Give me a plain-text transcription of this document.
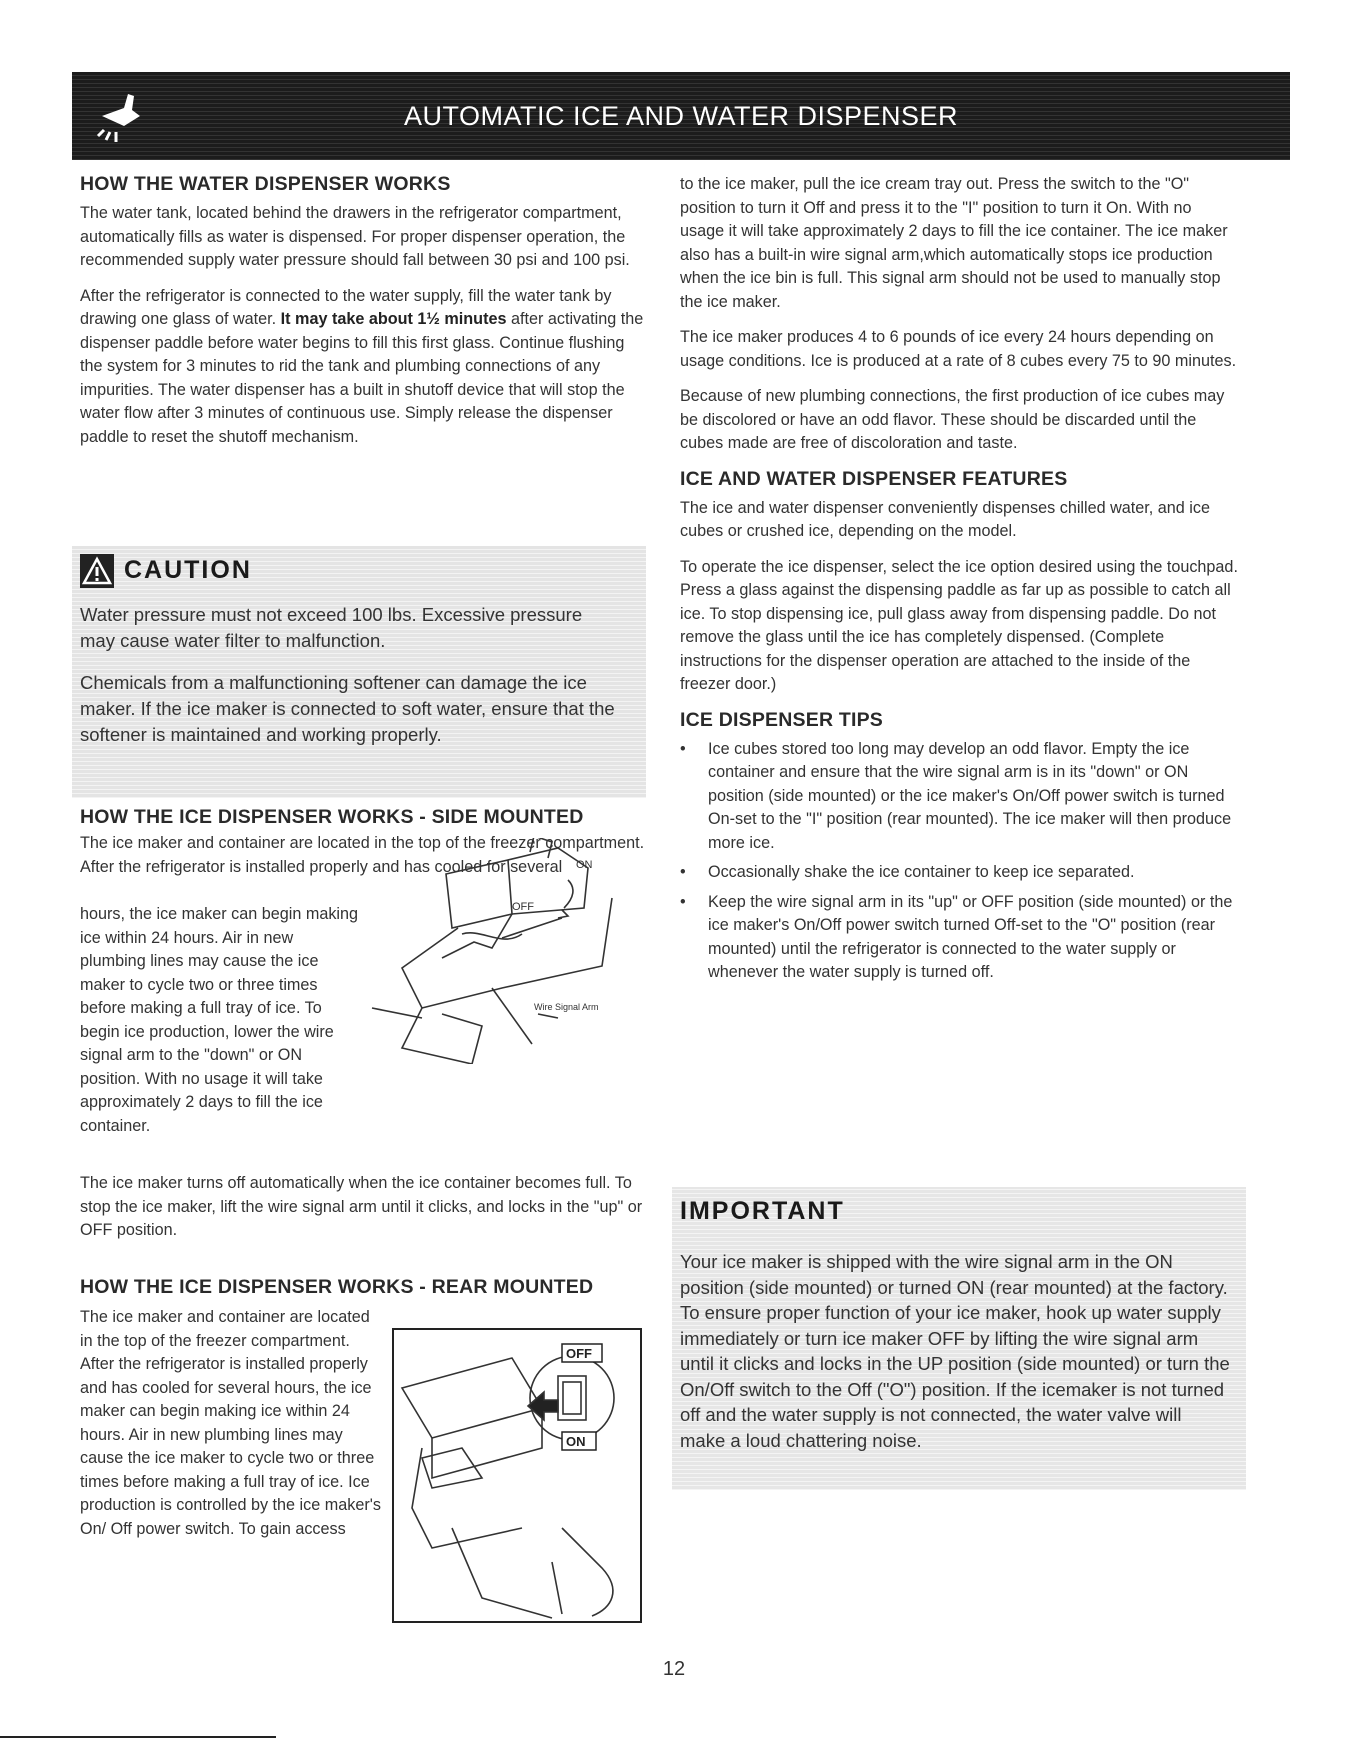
AUTOMATIC ICE AND WATER DISPENSER
HOW THE WATER DISPENSER WORKS

The water tank, located behind the drawers in the refrigerator compartment, automatically fills as water is dispensed. For proper dispenser operation, the recommended supply water pressure should fall between 30 psi and 100 psi.

After the refrigerator is connected to the water supply, fill the water tank by drawing one glass of water. It may take about 1½ minutes after activating the dispenser paddle before water begins to fill this first glass. Continue flushing the system for 3 minutes to rid the tank and plumbing connections of any impurities. The water dispenser has a built in shutoff device that will stop the water flow after 3 minutes of continuous use. Simply release the dispenser paddle to reset the shutoff mechanism.

CAUTION

Water pressure must not exceed 100 lbs. Excessive pressure may cause water filter to malfunction.

Chemicals from a malfunctioning softener can damage the ice maker. If the ice maker is connected to soft water, ensure that the softener is maintained and working properly.

HOW THE ICE DISPENSER WORKS - SIDE MOUNTED
The ice maker and container are located in the top of the freezer compartment. After the refrigerator is installed properly and has cooled for several
hours, the ice maker can begin making ice within 24 hours. Air in new plumbing lines may cause the ice maker to cycle two or three times before making a full tray of ice. To begin ice production, lower the wire signal arm to the "down" or ON position. With no usage it will take approximately 2 days to fill the ice container.
The ice maker turns off automatically when the ice container becomes full. To stop the ice maker, lift the wire signal arm until it clicks, and locks in the "up" or OFF position.
ON
OFF
Wire Signal Arm
HOW THE ICE DISPENSER WORKS - REAR MOUNTED
The ice maker and container are located in the top of the freezer compartment. After the refrigerator is installed properly and has cooled for several hours, the ice maker can begin making ice within 24 hours. Air in new plumbing lines may cause the ice maker to cycle two or three times before making a full tray of ice. Ice production is controlled by the ice maker's On/ Off power switch. To gain access
OFF
ON

to the ice maker, pull the ice cream tray out. Press the switch to the "O" position to turn it Off and press it to the "I" position to turn it On. With no usage it will take approximately 2 days to fill the ice container. The ice maker also has a built-in wire signal arm,which automatically stops ice production when the ice bin is full. This signal arm should not be used to manually stop the ice maker.

The ice maker produces 4 to 6 pounds of ice every 24 hours depending on usage conditions. Ice is produced at a rate of 8 cubes every 75 to 90 minutes.

Because of new plumbing connections, the first production of ice cubes may be discolored or have an odd flavor. These should be discarded until the cubes made are free of discoloration and taste.

ICE AND WATER DISPENSER FEATURES

The ice and water dispenser conveniently dispenses chilled water, and ice cubes or crushed ice, depending on the model.

To operate the ice dispenser, select the ice option desired using the touchpad. Press a glass against the dispensing paddle as far up as possible to catch all ice. To stop dispensing ice, pull glass away from dispensing paddle. Do not remove the glass until the ice has completely dispensed. (Complete instructions for the dispenser operation are attached to the inside of the freezer door.)

ICE DISPENSER TIPS
• Ice cubes stored too long may develop an odd flavor. Empty the ice container and ensure that the wire signal arm is in its "down" or ON position (side mounted) or the ice maker's On/Off power switch is turned On-set to the "I" position (rear mounted). The ice maker will then produce more ice.
• Occasionally shake the ice container to keep ice separated.
• Keep the wire signal arm in its "up" or OFF position (side mounted) or the ice maker's On/Off power switch turned Off-set to the "O" position (rear mounted) until the refrigerator is connected to the water supply or whenever the water supply is turned off.
IMPORTANT

Your ice maker is shipped with the wire signal arm in the ON position (side mounted) or turned ON (rear mounted) at the factory. To ensure proper function of your ice maker, hook up water supply immediately or turn ice maker OFF by lifting the wire signal arm until it clicks and locks in the UP position (side mounted) or turn the On/Off switch to the Off ("O") position. If the icemaker is not turned off and the water supply is not connected, the water valve will make a loud chattering noise.

12
